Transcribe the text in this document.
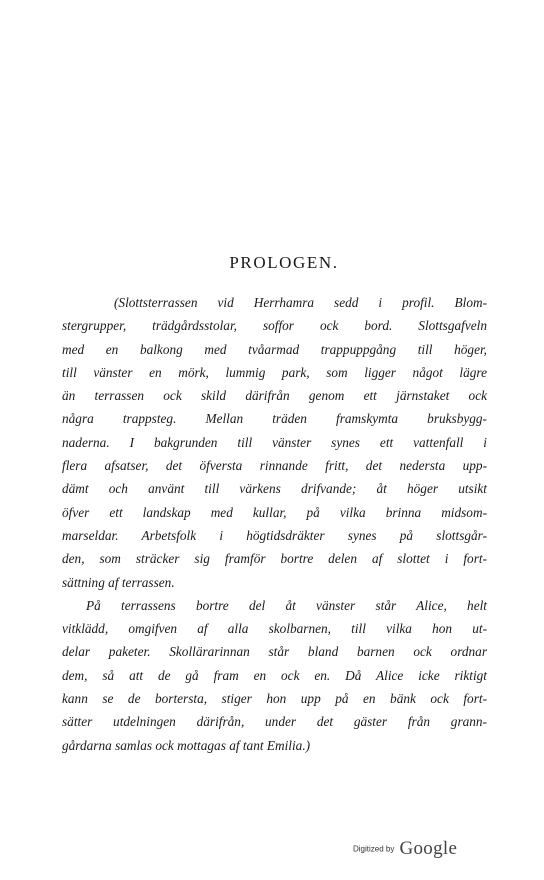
PROLOGEN.
(Slottsterrassen vid Herrhamra sedd i profil. Blom-
stergrupper, trädgårdsstolar, soffor ock bord. Slottsgafveln
med en balkong med tvåarmad trappuppgång till höger,
till vänster en mörk, lummig park, som ligger något lägre
än terrassen ock skild därifrån genom ett järnstaket ock
några trappsteg. Mellan träden framskymta bruksbygg-
naderna. I bakgrunden till vänster synes ett vattenfall i
flera afsatser, det öfversta rinnande fritt, det nedersta upp-
dämt och använt till värkens drifvande; åt höger utsikt
öfver ett landskap med kullar, på vilka brinna midsom-
marseldar. Arbetsfolk i högtidsdräkter synes på slottsgår-
den, som sträcker sig framför bortre delen af slottet i fort-
sättning af terrassen.
På terrassens bortre del åt vänster står Alice, helt
vitklädd, omgifven af alla skolbarnen, till vilka hon ut-
delar paketer. Skollärarinnan står bland barnen ock ordnar
dem, så att de gå fram en ock en. Då Alice icke riktigt
kann se de bortersta, stiger hon upp på en bänk ock fort-
sätter utdelningen därifrån, under det gäster från grann-
gårdarna samlas ock mottagas af tant Emilia.)
Digitized by Google
